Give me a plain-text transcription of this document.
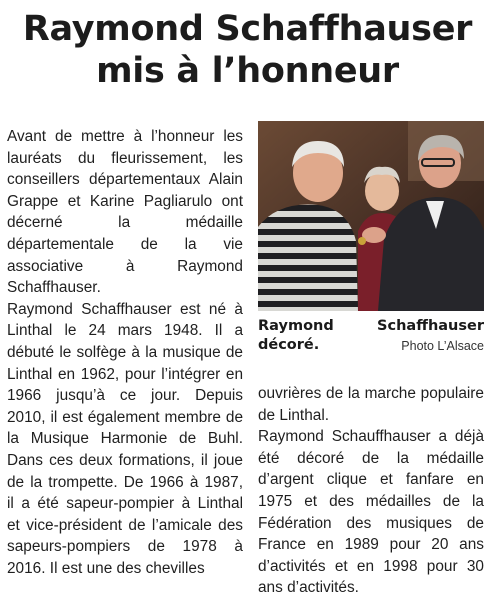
Raymond Schaffhauser
mis à l’honneur

Avant de mettre à l’honneur les lauréats du fleurissement, les conseillers départementaux Alain Grappe et Karine Pagliarulo ont décerné la médaille départementale de la vie associative à Raymond Schaffhauser.

Raymond Schaffhauser est né à Linthal le 24 mars 1948. Il a débuté le solfège à la musique de Linthal en 1962, pour l’intégrer en 1966 jusqu’à ce jour. Depuis 2010, il est également membre de la Musique Harmonie de Buhl. Dans ces deux formations, il joue de la trompette. De 1966 à 1987, il a été sapeur-pompier à Linthal et vice-président de l’amicale des sapeurs-pompiers de 1978 à 2016. Il est une des chevilles

Raymond Schaffhauser décoré.	Photo L’Alsace

ouvrières de la marche populaire de Linthal.

Raymond Schauffhauser a déjà été décoré de la médaille d’argent clique et fanfare en 1975 et des médailles de la Fédération des musiques de France en 1989 pour 20 ans d’activités et en 1998 pour 30 ans d’activités.
